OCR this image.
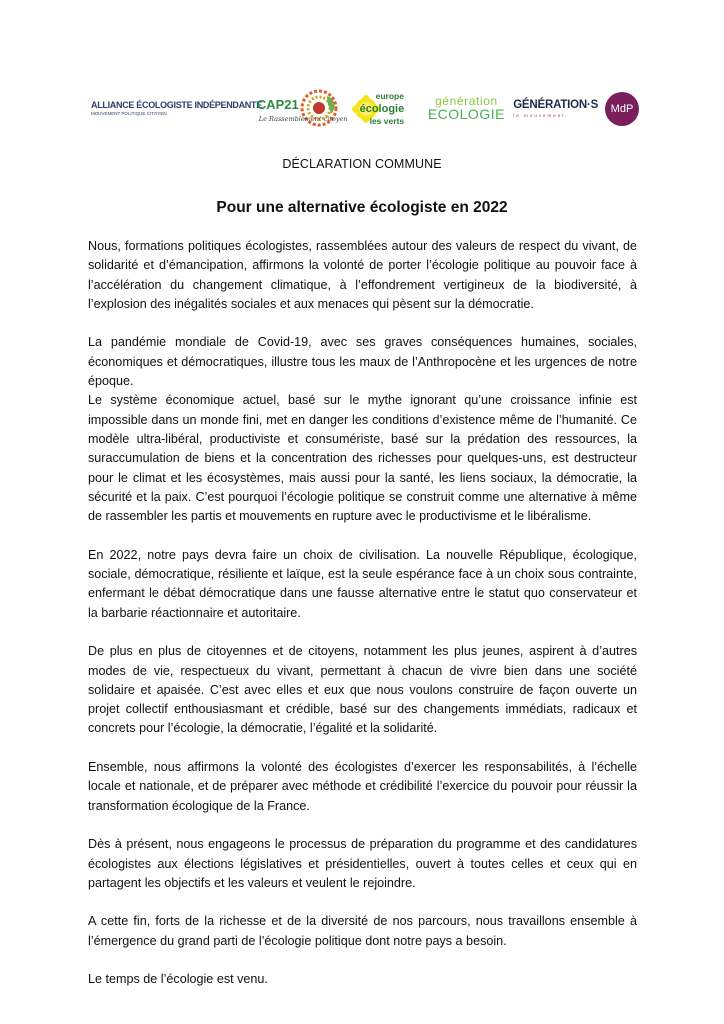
ALLIANCE ÉCOLOGISTE INDÉPENDANTE
MOUVEMENT POLITIQUE CITOYEN
CAP21
Le Rassemblement citoyen
europe
écologie
les verts
génération
ECOLOGIE
GÉNÉRATION·S
le mouvement
MdP
DÉCLARATION COMMUNE
Pour une alternative écologiste en 2022

Nous, formations politiques écologistes, rassemblées autour des valeurs de respect du vivant, de solidarité et d’émancipation, affirmons la volonté de porter l’écologie politique au pouvoir face à l’accélération du changement climatique, à l’effondrement vertigineux de la biodiversité, à l’explosion des inégalités sociales et aux menaces qui pèsent sur la démocratie.

La pandémie mondiale de Covid-19, avec ses graves conséquences humaines, sociales, économiques et démocratiques, illustre tous les maux de l’Anthropocène et les urgences de notre époque.

Le système économique actuel, basé sur le mythe ignorant qu’une croissance infinie est impossible dans un monde fini, met en danger les conditions d’existence même de l’humanité. Ce modèle ultra-libéral, productiviste et consumériste, basé sur la prédation des ressources, la suraccumulation de biens et la concentration des richesses pour quelques-uns, est destructeur pour le climat et les écosystèmes, mais aussi pour la santé, les liens sociaux, la démocratie, la sécurité et la paix. C’est pourquoi l’écologie politique se construit comme une alternative à même de rassembler les partis et mouvements en rupture avec le productivisme et le libéralisme.

En 2022, notre pays devra faire un choix de civilisation. La nouvelle République, écologique, sociale, démocratique, résiliente et laïque, est la seule espérance face à un choix sous contrainte, enfermant le débat démocratique dans une fausse alternative entre le statut quo conservateur et la barbarie réactionnaire et autoritaire.

De plus en plus de citoyennes et de citoyens, notamment les plus jeunes, aspirent à d’autres modes de vie, respectueux du vivant, permettant à chacun de vivre bien dans une société solidaire et apaisée. C’est avec elles et eux que nous voulons construire de façon ouverte un projet collectif enthousiasmant et crédible, basé sur des changements immédiats, radicaux et concrets pour l’écologie, la démocratie, l’égalité et la solidarité.

Ensemble, nous affirmons la volonté des écologistes d’exercer les responsabilités, à l’échelle locale et nationale, et de préparer avec méthode et crédibilité l’exercice du pouvoir pour réussir la transformation écologique de la France.

Dès à présent, nous engageons le processus de préparation du programme et des candidatures écologistes aux élections législatives et présidentielles, ouvert à toutes celles et ceux qui en partagent les objectifs et les valeurs et veulent le rejoindre.

A cette fin, forts de la richesse et de la diversité de nos parcours, nous travaillons ensemble à l’émergence du grand parti de l’écologie politique dont notre pays a besoin.

Le temps de l’écologie est venu.
